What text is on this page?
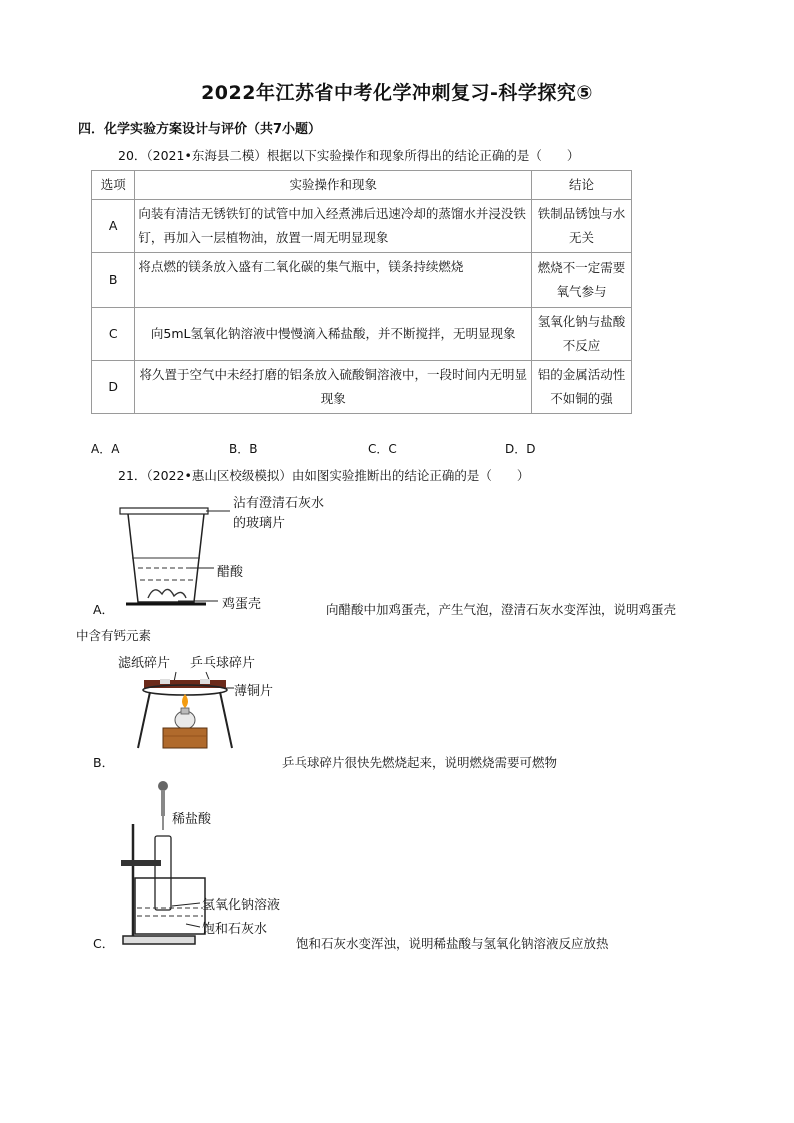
2022年江苏省中考化学冲刺复习-科学探究⑤
四．化学实验方案设计与评价（共7小题）
20．（2021•东海县二模）根据以下实验操作和现象所得出的结论正确的是（　　）
选项	实验操作和现象	结论
A	向装有清洁无锈铁钉的试管中加入经煮沸后迅速冷却的蒸馏水并浸没铁钉，再加入一层植物油，放置一周无明显现象	铁制品锈蚀与水无关
B	将点燃的镁条放入盛有二氧化碳的集气瓶中，镁条持续燃烧	燃烧不一定需要氧气参与
C	向5mL氢氧化钠溶液中慢慢滴入稀盐酸，并不断搅拌，无明显现象	氢氧化钠与盐酸不反应
D	将久置于空气中未经打磨的铝条放入硫酸铜溶液中，一段时间内无明显现象	铝的金属活动性不如铜的强
A．A	B．B	C．C	D．D
21．（2022•惠山区校级模拟）由如图实验推断出的结论正确的是（　　）
沾有澄清石灰水的玻璃片
醋酸
鸡蛋壳
A．	向醋酸中加鸡蛋壳，产生气泡，澄清石灰水变浑浊，说明鸡蛋壳
中含有钙元素
滤纸碎片 乒乓球碎片
薄铜片
B．	乒乓球碎片很快先燃烧起来，说明燃烧需要可燃物
稀盐酸
氢氧化钠溶液
饱和石灰水
C．	饱和石灰水变浑浊，说明稀盐酸与氢氧化钠溶液反应放热
